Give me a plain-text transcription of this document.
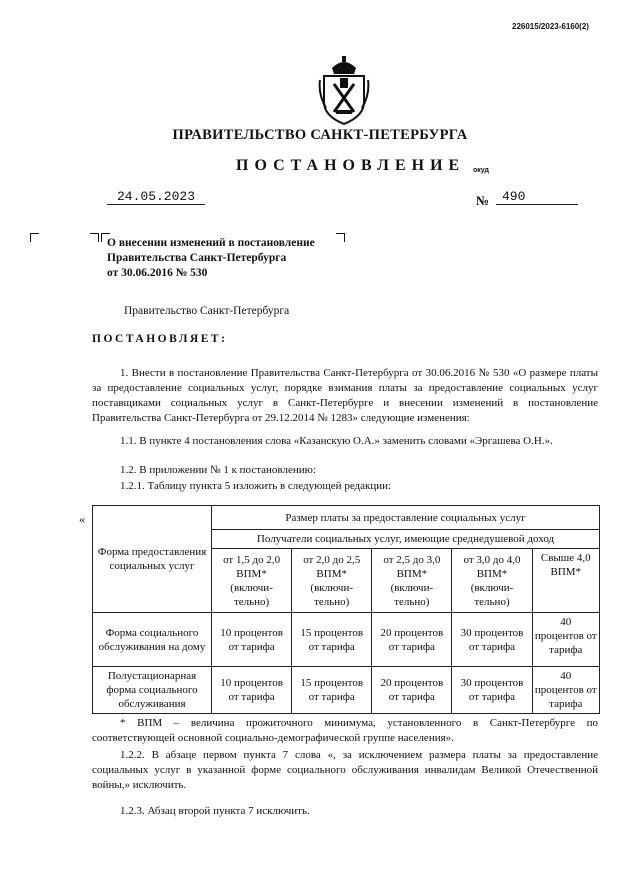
226015/2023-6160(2)
ПРАВИТЕЛЬСТВО САНКТ-ПЕТЕРБУРГА
ПОСТАНОВЛЕНИЕ окуд
24.05.2023	№ 490
О внесении изменений в постановление
Правительства Санкт-Петербурга
от 30.06.2016 № 530
Правительство Санкт-Петербурга
ПОСТАНОВЛЯЕТ:
1. Внести в постановление Правительства Санкт-Петербурга от 30.06.2016 № 530 «О размере платы за предоставление социальных услуг, порядке взимания платы за предоставление социальных услуг поставщиками социальных услуг в Санкт-Петербурге и внесении изменений в постановление Правительства Санкт-Петербурга от 29.12.2014 № 1283» следующие изменения:
1.1. В пункте 4 постановления слова «Казанскую О.А.» заменить словами «Эргашева О.Н.».
1.2. В приложении № 1 к постановлению:
1.2.1. Таблицу пункта 5 изложить в следующей редакции:
«
Форма предоставления социальных услуг	Размер платы за предоставление социальных услуг				
	Получатели социальных услуг, имеющие среднедушевой доход				
	от 1,5 до 2,0 ВПМ* (включи-тельно)	от 2,0 до 2,5 ВПМ* (включи-тельно)	от 2,5 до 3,0 ВПМ* (включи-тельно)	от 3,0 до 4,0 ВПМ* (включи-тельно)	Свыше 4,0 ВПМ*
Форма социального обслуживания на дому	10 процентов от тарифа	15 процентов от тарифа	20 процентов от тарифа	30 процентов от тарифа	40 процентов от тарифа
Полустационарная форма социального обслуживания	10 процентов от тарифа	15 процентов от тарифа	20 процентов от тарифа	30 процентов от тарифа	40 процентов от тарифа
* ВПМ – величина прожиточного минимума, установленного в Санкт-Петербурге по соответствующей основной социально-демографической группе населения».
1.2.2. В абзаце первом пункта 7 слова «, за исключением размера платы за предоставление социальных услуг в указанной форме социального обслуживания инвалидам Великой Отечественной войны,» исключить.
1.2.3. Абзац второй пункта 7 исключить.
